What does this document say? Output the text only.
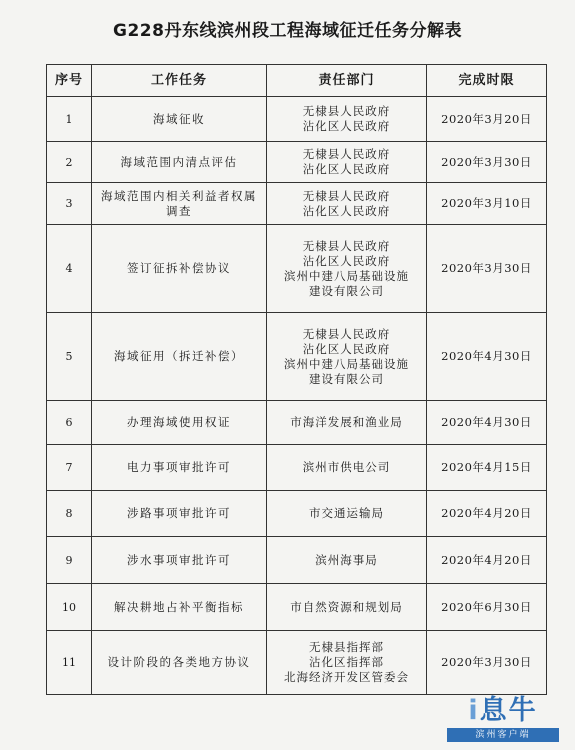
G228丹东线滨州段工程海域征迁任务分解表
序号	工作任务	责任部门	完成时限
1	海域征收	无棣县人民政府
沾化区人民政府	2020年3月20日
2	海域范围内清点评估	无棣县人民政府
沾化区人民政府	2020年3月30日
3	海域范围内相关利益者权属调查	无棣县人民政府
沾化区人民政府	2020年3月10日
4	签订征拆补偿协议	无棣县人民政府
沾化区人民政府
滨州中建八局基础设施
建设有限公司	2020年3月30日
5	海域征用（拆迁补偿）	无棣县人民政府
沾化区人民政府
滨州中建八局基础设施
建设有限公司	2020年4月30日
6	办理海域使用权证	市海洋发展和渔业局	2020年4月30日
7	电力事项审批许可	滨州市供电公司	2020年4月15日
8	涉路事项审批许可	市交通运输局	2020年4月20日
9	涉水事项审批许可	滨州海事局	2020年4月20日
10	解决耕地占补平衡指标	市自然资源和规划局	2020年6月30日
11	设计阶段的各类地方协议	无棣县指挥部
沾化区指挥部
北海经济开发区管委会	2020年3月30日
i息牛
滨州客户端
